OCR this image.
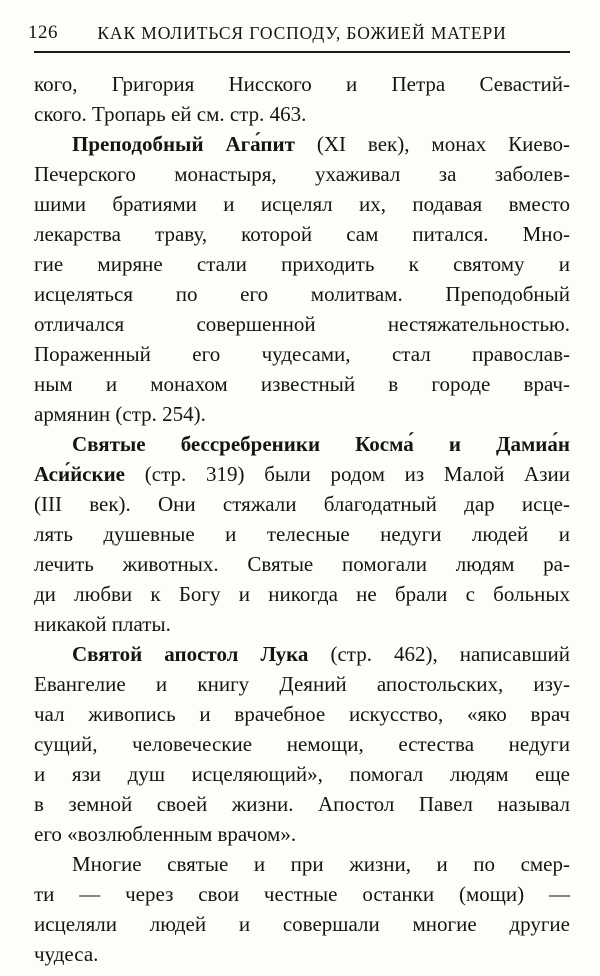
126	КАК МОЛИТЬСЯ ГОСПОДУ, БОЖИЕЙ МАТЕРИ
кого, Григория Нисского и Петра Севастий-
ского. Тропарь ей см. стр. 463.
Преподобный Ага́пит (XI век), монах Киево-
Печерского монастыря, ухаживал за заболев-
шими братиями и исцелял их, подавая вместо
лекарства траву, которой сам питался. Мно-
гие миряне стали приходить к святому и
исцеляться по его молитвам. Преподобный
отличался совершенной нестяжательностью.
Пораженный его чудесами, стал православ-
ным и монахом известный в городе врач-
армянин (стр. 254).
Святые бессребреники Косма́ и Дамиа́н
Аси́йские (стр. 319) были родом из Малой Азии
(III век). Они стяжали благодатный дар исце-
лять душевные и телесные недуги людей и
лечить животных. Святые помогали людям ра-
ди любви к Богу и никогда не брали с больных
никакой платы.
Святой апостол Лука (стр. 462), написавший
Евангелие и книгу Деяний апостольских, изу-
чал живопись и врачебное искусство, «яко врач
сущий, человеческие немощи, естества недуги
и язи душ исцеляющий», помогал людям еще
в земной своей жизни. Апостол Павел называл
его «возлюбленным врачом».
Многие святые и при жизни, и по смер-
ти — через свои честные останки (мощи) —
исцеляли людей и совершали многие другие
чудеса.
